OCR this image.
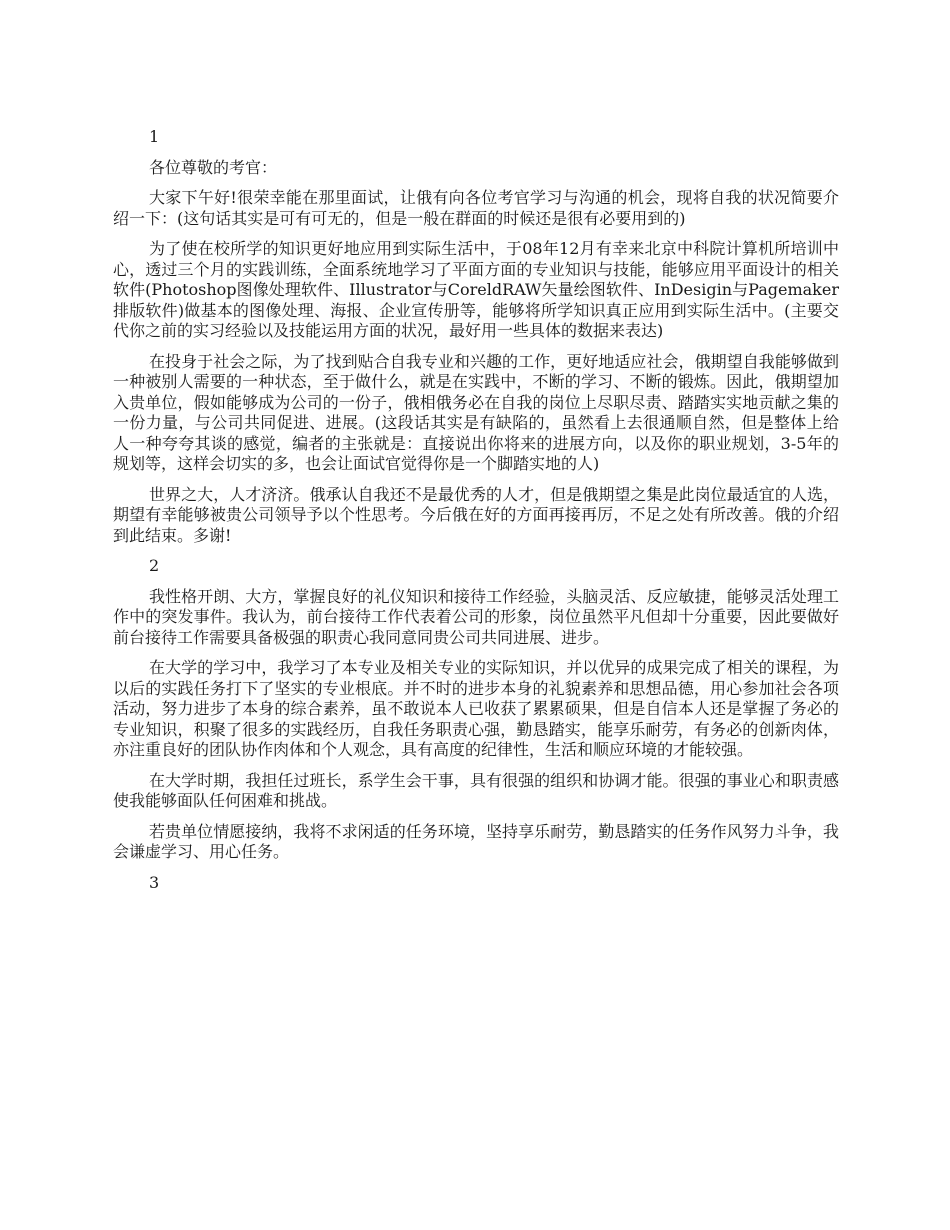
1
各位尊敬的考官：
大家下午好!很荣幸能在那里面试，让俄有向各位考官学习与沟通的机会，现将自我的状况简要介绍一下：(这句话其实是可有可无的，但是一般在群面的时候还是很有必要用到的)
为了使在校所学的知识更好地应用到实际生活中，于08年12月有幸来北京中科院计算机所培训中心，透过三个月的实践训练，全面系统地学习了平面方面的专业知识与技能，能够应用平面设计的相关软件(Photoshop图像处理软件、Illustrator与CoreldRAW矢量绘图软件、InDesigin与Pagemaker排版软件)做基本的图像处理、海报、企业宣传册等，能够将所学知识真正应用到实际生活中。(主要交代你之前的实习经验以及技能运用方面的状况，最好用一些具体的数据来表达)
在投身于社会之际，为了找到贴合自我专业和兴趣的工作，更好地适应社会，俄期望自我能够做到一种被别人需要的一种状态，至于做什么，就是在实践中，不断的学习、不断的锻炼。因此，俄期望加入贵单位，假如能够成为公司的一份子，俄相俄务必在自我的岗位上尽职尽责、踏踏实实地贡献之集的一份力量，与公司共同促进、进展。(这段话其实是有缺陷的，虽然看上去很通顺自然，但是整体上给人一种夸夸其谈的感觉，编者的主张就是：直接说出你将来的进展方向，以及你的职业规划，3-5年的规划等，这样会切实的多，也会让面试官觉得你是一个脚踏实地的人)
世界之大，人才济济。俄承认自我还不是最优秀的人才，但是俄期望之集是此岗位最适宜的人选，期望有幸能够被贵公司领导予以个性思考。今后俄在好的方面再接再厉，不足之处有所改善。俄的介绍到此结束。多谢!
2
我性格开朗、大方，掌握良好的礼仪知识和接待工作经验，头脑灵活、反应敏捷，能够灵活处理工作中的突发事件。我认为，前台接待工作代表着公司的形象，岗位虽然平凡但却十分重要，因此要做好前台接待工作需要具备极强的职责心我同意同贵公司共同进展、进步。
在大学的学习中，我学习了本专业及相关专业的实际知识，并以优异的成果完成了相关的课程，为以后的实践任务打下了坚实的专业根底。并不时的进步本身的礼貌素养和思想品德，用心参加社会各项活动，努力进步了本身的综合素养，虽不敢说本人已收获了累累硕果，但是自信本人还是掌握了务必的专业知识，积聚了很多的实践经历，自我任务职责心强，勤恳踏实，能享乐耐劳，有务必的创新肉体，亦注重良好的团队协作肉体和个人观念，具有高度的纪律性，生活和顺应环境的才能较强。
在大学时期，我担任过班长，系学生会干事，具有很强的组织和协调才能。很强的事业心和职责感使我能够面队任何困难和挑战。
若贵单位情愿接纳，我将不求闲适的任务环境，坚持享乐耐劳，勤恳踏实的任务作风努力斗争，我会谦虚学习、用心任务。
3
